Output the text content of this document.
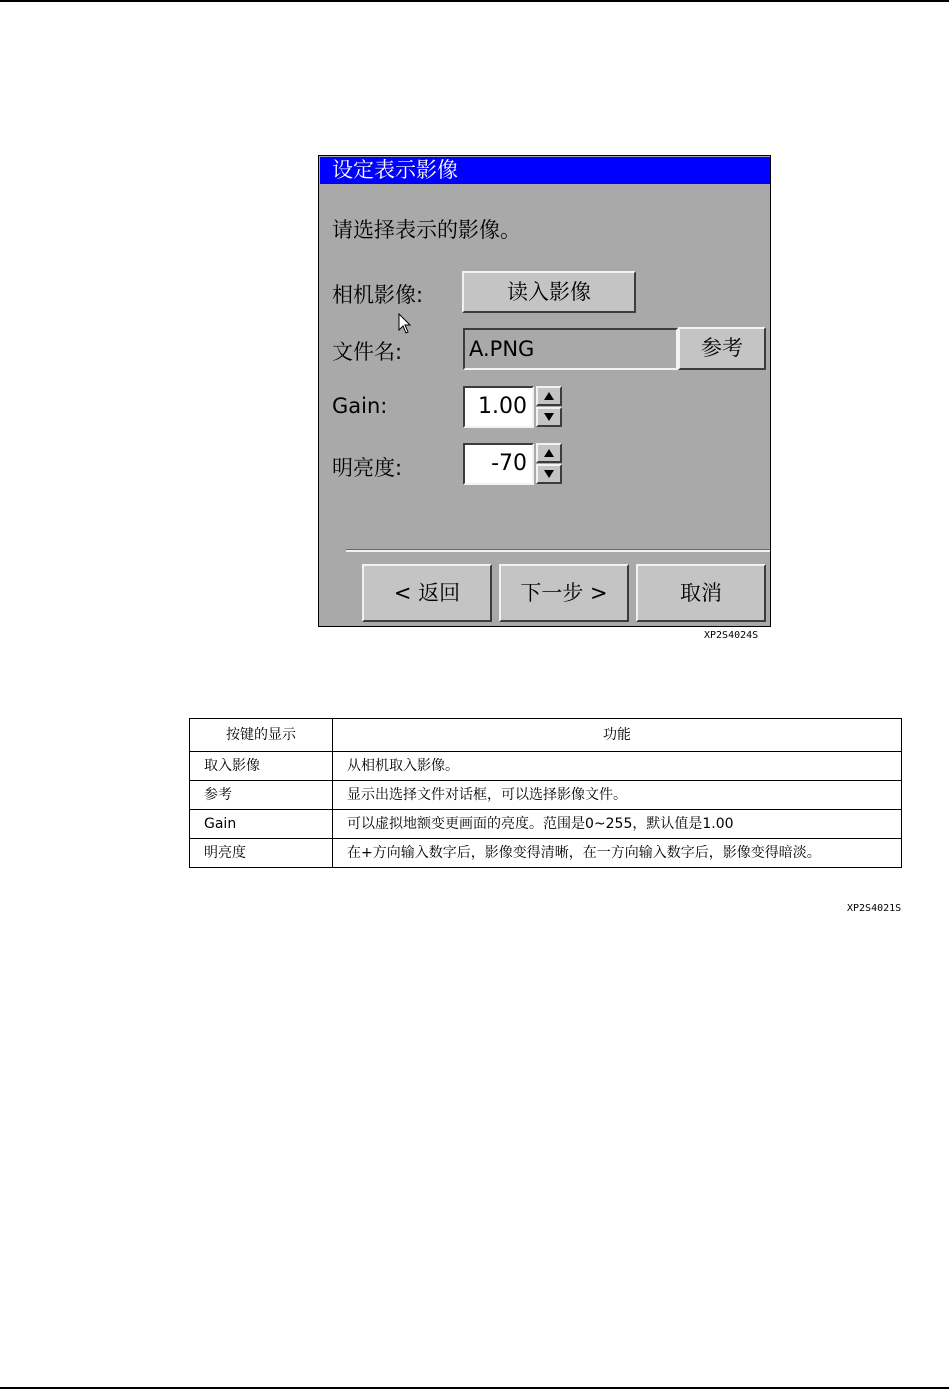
设定表示影像
请选择表示的影像。
相机影像:	读入影像
文件名:	A.PNG	参考
Gain:	1.00
明亮度:	-70
< 返回	下一步 >	取消
XP2S4024S
按键的显示	功能
取入影像	从相机取入影像。
参考	显示出选择文件对话框，可以选择影像文件。
Gain	可以虚拟地额变更画面的亮度。范围是0~255，默认值是1.00
明亮度	在+方向输入数字后，影像变得清晰，在一方向输入数字后，影像变得暗淡。
XP2S4021S
